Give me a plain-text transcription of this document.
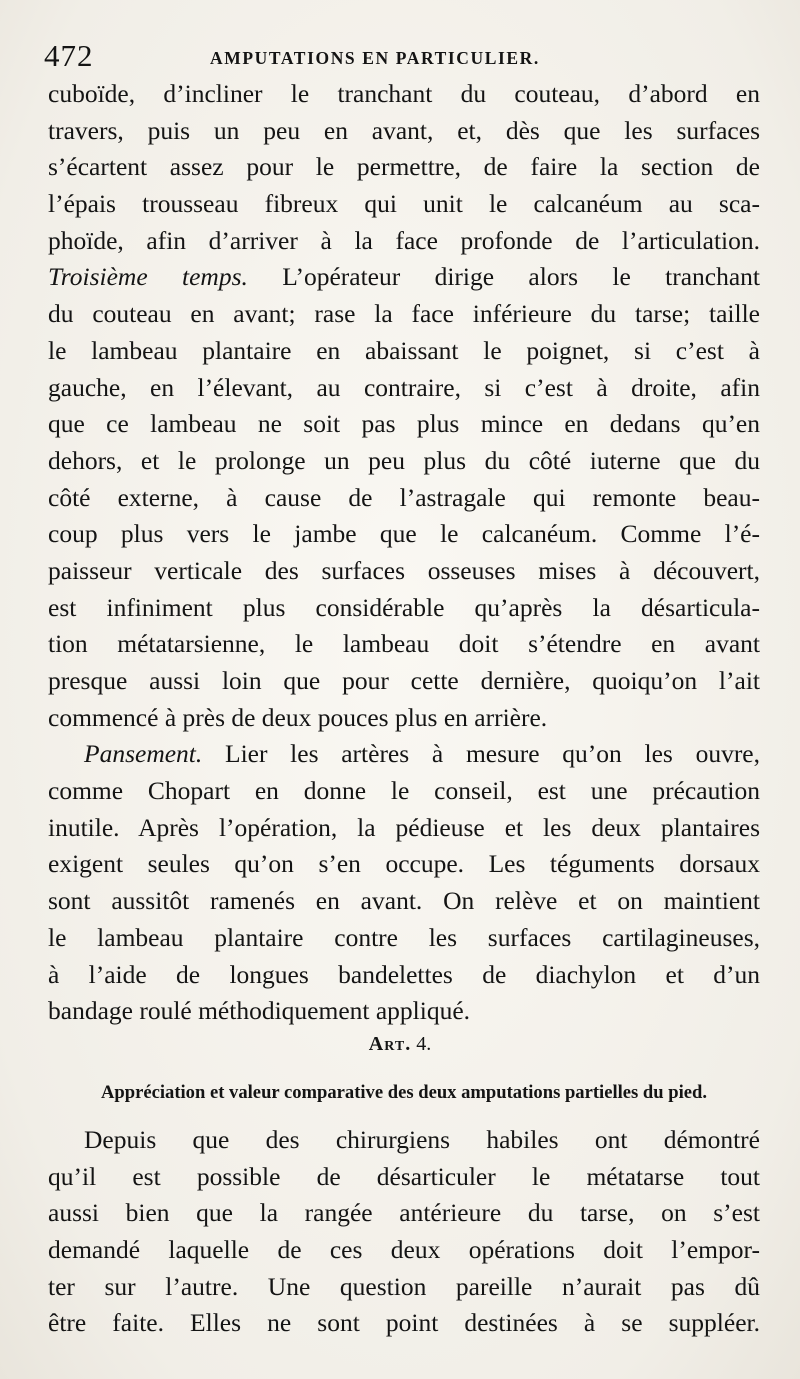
472	AMPUTATIONS EN PARTICULIER.
cuboïde, d’incliner le tranchant du couteau, d’abord en
travers, puis un peu en avant, et, dès que les surfaces
s’écartent assez pour le permettre, de faire la section de
l’épais trousseau fibreux qui unit le calcanéum au sca-
phoïde, afin d’arriver à la face profonde de l’articulation.
Troisième temps. L’opérateur dirige alors le tranchant
du couteau en avant; rase la face inférieure du tarse; taille
le lambeau plantaire en abaissant le poignet, si c’est à
gauche, en l’élevant, au contraire, si c’est à droite, afin
que ce lambeau ne soit pas plus mince en dedans qu’en
dehors, et le prolonge un peu plus du côté iuterne que du
côté externe, à cause de l’astragale qui remonte beau-
coup plus vers le jambe que le calcanéum. Comme l’é-
paisseur verticale des surfaces osseuses mises à découvert,
est infiniment plus considérable qu’après la désarticula-
tion métatarsienne, le lambeau doit s’étendre en avant
presque aussi loin que pour cette dernière, quoiqu’on l’ait
commencé à près de deux pouces plus en arrière.
Pansement. Lier les artères à mesure qu’on les ouvre,
comme Chopart en donne le conseil, est une précaution
inutile. Après l’opération, la pédieuse et les deux plantaires
exigent seules qu’on s’en occupe. Les téguments dorsaux
sont aussitôt ramenés en avant. On relève et on maintient
le lambeau plantaire contre les surfaces cartilagineuses,
à l’aide de longues bandelettes de diachylon et d’un
bandage roulé méthodiquement appliqué.
Art. 4.
Appréciation et valeur comparative des deux amputations partielles du pied.
Depuis que des chirurgiens habiles ont démontré
qu’il est possible de désarticuler le métatarse tout
aussi bien que la rangée antérieure du tarse, on s’est
demandé laquelle de ces deux opérations doit l’empor-
ter sur l’autre. Une question pareille n’aurait pas dû
être faite. Elles ne sont point destinées à se suppléer.
